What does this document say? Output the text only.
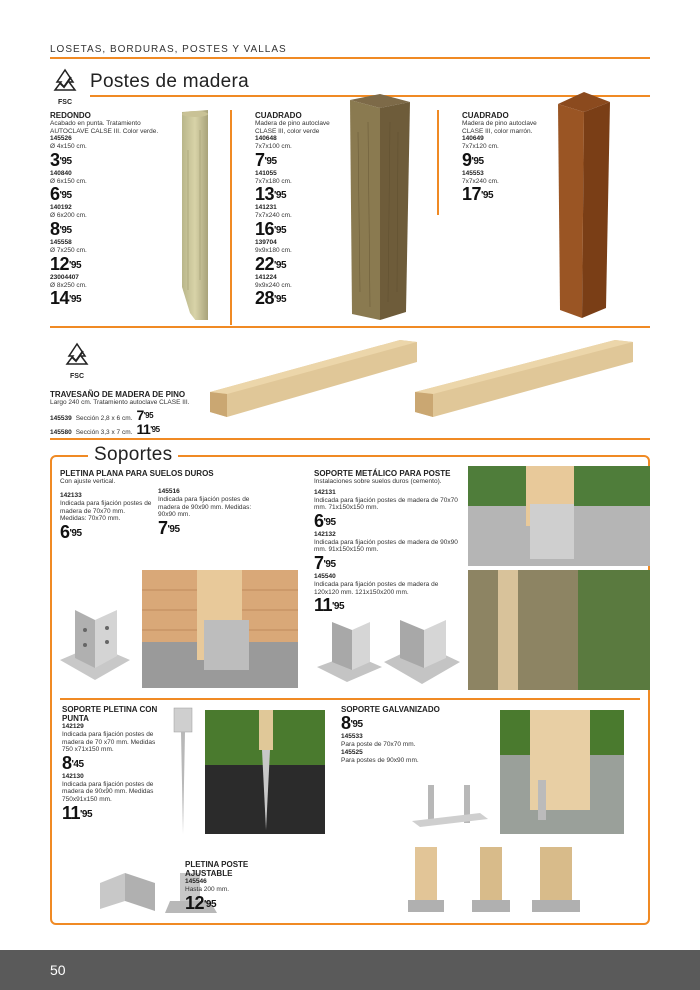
LOSETAS, BORDURAS, POSTES Y VALLAS
FSC
Postes de madera
REDONDO
Acabado en punta. Tratamiento AUTOCLAVE CALSE III. Color verde.
145526
Ø 4x150 cm.
$3^{'95}$
140840
Ø 6x150 cm.
$6^{'95}$
140192
Ø 6x200 cm.
$8^{'95}$
145558
Ø 7x250 cm.
$12^{'95}$
23004407
Ø 8x250 cm.
$14^{'95}$
CUADRADO
Madera de pino autoclave CLASE III, color verde
140648
7x7x100 cm.
$7^{'95}$
141055
7x7x180 cm.
$13^{'95}$
141231
7x7x240 cm.
$16^{'95}$
139704
9x9x180 cm.
$22^{'95}$
141224
9x9x240 cm.
$28^{'95}$
CUADRADO
Madera de pino autoclave CLASE III, color marrón.
140649
7x7x120 cm.
$9^{'95}$
145553
7x7x240 cm.
$17^{'95}$
FSC
TRAVESAÑO DE MADERA DE PINO
Largo 240 cm. Tratamiento autoclave CLASE III.
145539 Sección 2,8 x 6 cm. $7^{'95}$
145580 Sección 3,3 x 7 cm. $11^{'95}$
Soportes
PLETINA PLANA PARA SUELOS DUROS
Con ajuste vertical.
142133
Indicada para fijación postes de madera de 70x70 mm. Medidas: 70x70 mm.
$6^{'95}$
145516
Indicada para fijación postes de madera de 90x90 mm. Medidas: 90x90 mm.
$7^{'95}$
SOPORTE METÁLICO PARA POSTE
Instalaciones sobre suelos duros (cemento).
142131
Indicada para fijación postes de madera de 70x70 mm. 71x150x150 mm.
$6^{'95}$
142132
Indicada para fijación postes de madera de 90x90 mm. 91x150x150 mm.
$7^{'95}$
145540
Indicada para fijación postes de madera de 120x120 mm. 121x150x200 mm.
$11^{'95}$
SOPORTE PLETINA CON PUNTA
142129
Indicada para fijación postes de madera de 70 x70 mm. Medidas 750 x71x150 mm.
$8^{'45}$
142130
Indicada para fijación postes de madera de 90x90 mm. Medidas 750x91x150 mm.
$11^{'95}$
SOPORTE GALVANIZADO
$8^{'95}$
145533
Para poste de 70x70 mm.
145525
Para postes de 90x90 mm.
PLETINA POSTE AJUSTABLE
145546
Hasta 200 mm.
$12^{'95}$
50
